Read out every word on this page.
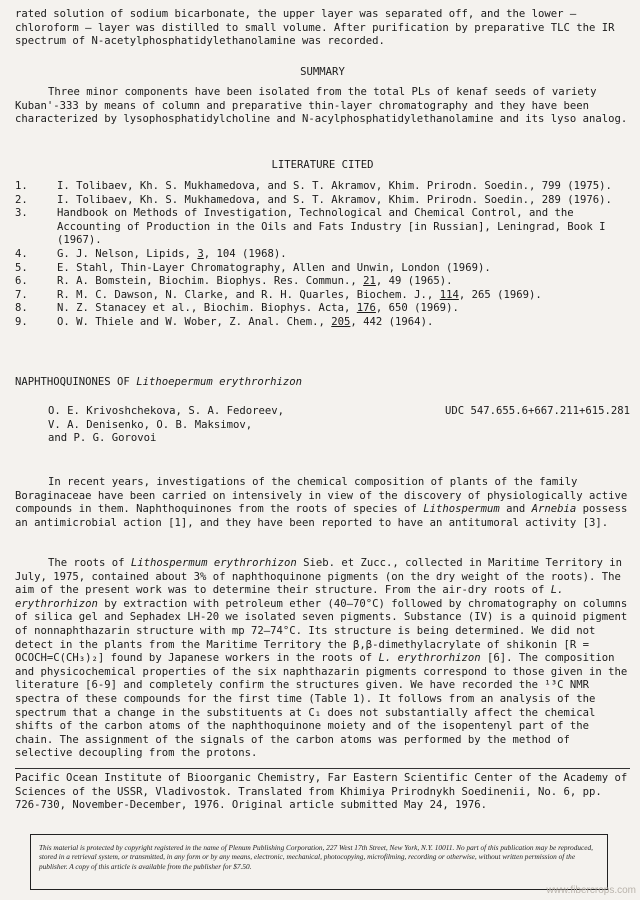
rated solution of sodium bicarbonate, the upper layer was separated off, and the lower — chloroform — layer was distilled to small volume. After purification by preparative TLC the IR spectrum of N-acetylphosphatidylethanolamine was recorded.

SUMMARY

Three minor components have been isolated from the total PLs of kenaf seeds of variety Kuban'-333 by means of column and preparative thin-layer chromatography and they have been characterized by lysophosphatidylcholine and N-acylphosphatidylethanolamine and its lyso analog.

LITERATURE CITED
1.	I. Tolibaev, Kh. S. Mukhamedova, and S. T. Akramov, Khim. Prirodn. Soedin., 799 (1975).
2.	I. Tolibaev, Kh. S. Mukhamedova, and S. T. Akramov, Khim. Prirodn. Soedin., 289 (1976).
3.	Handbook on Methods of Investigation, Technological and Chemical Control, and the Accounting of Production in the Oils and Fats Industry [in Russian], Leningrad, Book I (1967).
4.	G. J. Nelson, Lipids, 3, 104 (1968).
5.	E. Stahl, Thin-Layer Chromatography, Allen and Unwin, London (1969).
6.	R. A. Bomstein, Biochim. Biophys. Res. Commun., 21, 49 (1965).
7.	R. M. C. Dawson, N. Clarke, and R. H. Quarles, Biochem. J., 114, 265 (1969).
8.	N. Z. Stanacey et al., Biochim. Biophys. Acta, 176, 650 (1969).
9.	O. W. Thiele and W. Wober, Z. Anal. Chem., 205, 442 (1964).
NAPHTHOQUINONES OF Lithoepermum erythrorhizon
O. E. Krivoshchekova, S. A. Fedoreev,
V. A. Denisenko, O. B. Maksimov,
and P. G. Gorovoi
UDC 547.655.6+667.211+615.281

In recent years, investigations of the chemical composition of plants of the family Boraginaceae have been carried on intensively in view of the discovery of physiologically active compounds in them. Naphthoquinones from the roots of species of Lithospermum and Arnebia possess an antimicrobial action [1], and they have been reported to have an antitumoral activity [3].

The roots of Lithospermum erythrorhizon Sieb. et Zucc., collected in Maritime Territory in July, 1975, contained about 3% of naphthoquinone pigments (on the dry weight of the roots). The aim of the present work was to determine their structure. From the air-dry roots of L. erythrorhizon by extraction with petroleum ether (40–70°C) followed by chromatography on columns of silica gel and Sephadex LH-20 we isolated seven pigments. Substance (IV) is a quinoid pigment of nonnaphthazarin structure with mp 72–74°C. Its structure is being determined. We did not detect in the plants from the Maritime Territory the β,β-dimethylacrylate of shikonin [R = OCOCH=C(CH₃)₂] found by Japanese workers in the roots of L. erythrorhizon [6]. The composition and physicochemical properties of the six naphthazarin pigments correspond to those given in the literature [6-9] and completely confirm the structures given. We have recorded the ¹³C NMR spectra of these compounds for the first time (Table 1). It follows from an analysis of the spectrum that a change in the substituents at C₁ does not substantially affect the chemical shifts of the carbon atoms of the naphthoquinone moiety and of the isopentenyl part of the chain. The assignment of the signals of the carbon atoms was performed by the method of selective decoupling from the protons.

Pacific Ocean Institute of Bioorganic Chemistry, Far Eastern Scientific Center of the Academy of Sciences of the USSR, Vladivostok. Translated from Khimiya Prirodnykh Soedinenii, No. 6, pp. 726-730, November-December, 1976. Original article submitted May 24, 1976.

This material is protected by copyright registered in the name of Plenum Publishing Corporation, 227 West 17th Street, New York, N.Y. 10011. No part of this publication may be reproduced, stored in a retrieval system, or transmitted, in any form or by any means, electronic, mechanical, photocopying, microfilming, recording or otherwise, without written permission of the publisher. A copy of this article is available from the publisher for $7.50.
www.fibercrops.com
